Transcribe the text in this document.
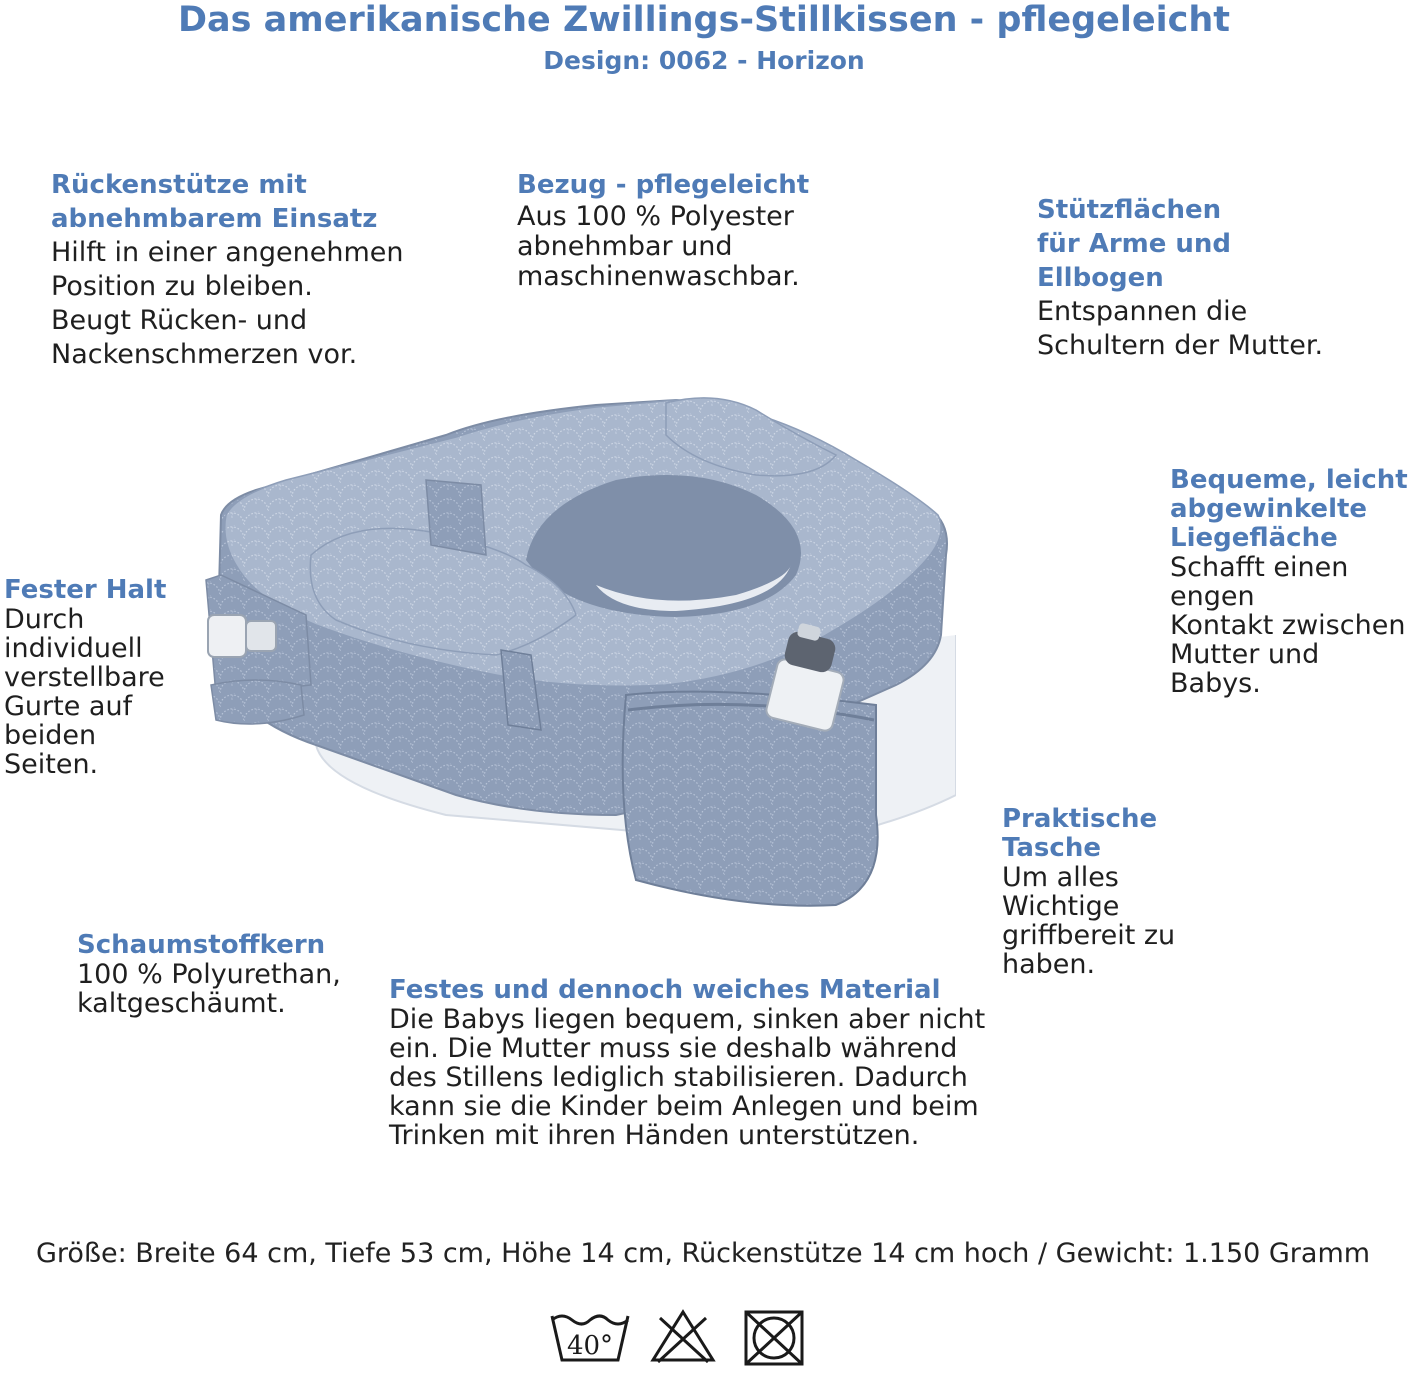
Das amerikanische Zwillings-Stillkissen - pflegeleicht
Design: 0062 - Horizon
Rückenstütze mit
abnehmbarem Einsatz
Hilft in einer angenehmen
Position zu bleiben.
Beugt Rücken- und
Nackenschmerzen vor.
Bezug - pflegeleicht
Aus 100 % Polyester
abnehmbar und
maschinenwaschbar.
Stützflächen
für Arme und
Ellbogen
Entspannen die
Schultern der Mutter.
Bequeme, leicht
abgewinkelte
Liegefläche
Schafft einen
engen
Kontakt zwischen
Mutter und
Babys.
Fester Halt
Durch
individuell
verstellbare
Gurte auf
beiden
Seiten.
Praktische
Tasche
Um alles
Wichtige
griffbereit zu
haben.
Schaumstoffkern
100 % Polyurethan,
kaltgeschäumt.	Festes und dennoch weiches Material
Die Babys liegen bequem, sinken aber nicht
ein. Die Mutter muss sie deshalb während
des Stillens lediglich stabilisieren. Dadurch
kann sie die Kinder beim Anlegen und beim
Trinken mit ihren Händen unterstützen.
Größe: Breite 64 cm, Tiefe 53 cm, Höhe 14 cm, Rückenstütze 14 cm hoch / Gewicht: 1.150 Gramm
40°
